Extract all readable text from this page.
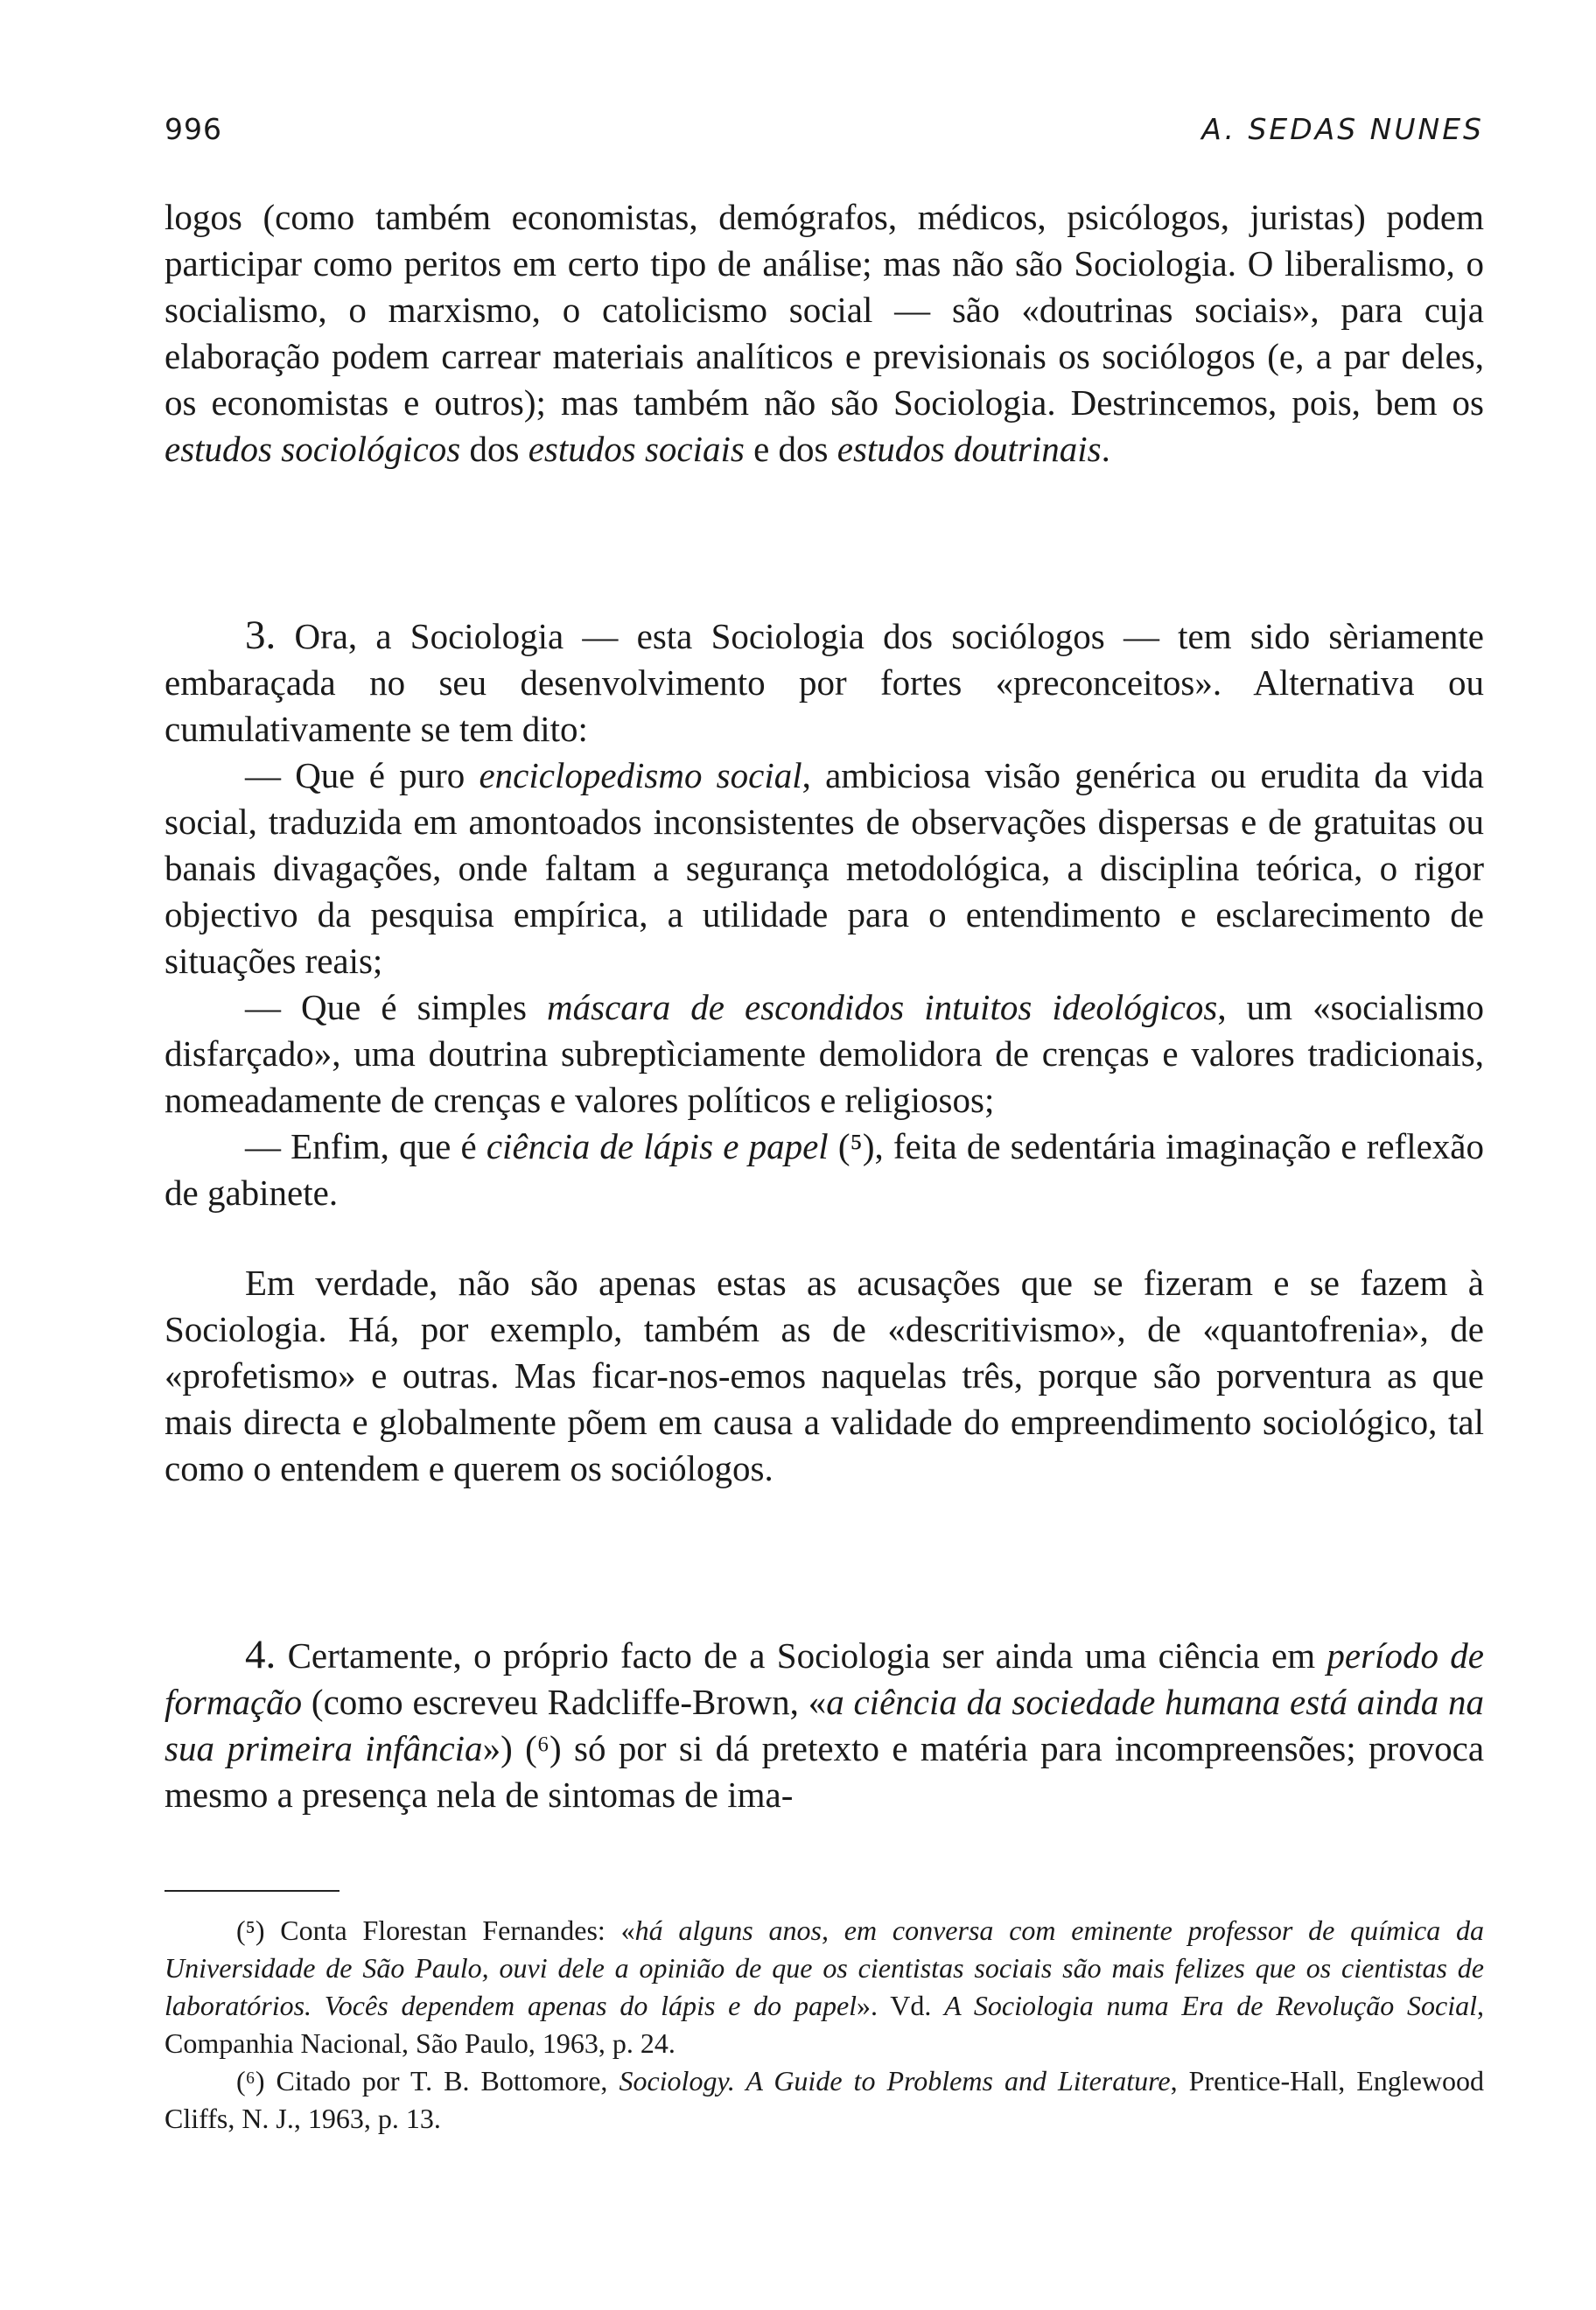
996	A. SEDAS NUNES

logos (como também economistas, demógrafos, médicos, psicólogos, juristas) podem participar como peritos em certo tipo de análise; mas não são Sociologia. O liberalismo, o socialismo, o marxismo, o catolicismo social — são «doutrinas sociais», para cuja elaboração podem carrear materiais analíticos e previsionais os sociólogos (e, a par deles, os economistas e outros); mas também não são Sociologia. Destrincemos, pois, bem os estudos sociológicos dos estudos sociais e dos estudos doutrinais.

3. Ora, a Sociologia — esta Sociologia dos sociólogos — tem sido sèriamente embaraçada no seu desenvolvimento por fortes «preconceitos». Alternativa ou cumulativamente se tem dito:

— Que é puro enciclopedismo social, ambiciosa visão genérica ou erudita da vida social, traduzida em amontoados inconsistentes de observações dispersas e de gratuitas ou banais divagações, onde faltam a segurança metodológica, a disciplina teórica, o rigor objectivo da pesquisa empírica, a utilidade para o entendimento e esclarecimento de situações reais;

— Que é simples máscara de escondidos intuitos ideológicos, um «socialismo disfarçado», uma doutrina subreptìciamente demolidora de crenças e valores tradicionais, nomeadamente de crenças e valores políticos e religiosos;

— Enfim, que é ciência de lápis e papel (⁵), feita de sedentária imaginação e reflexão de gabinete.

Em verdade, não são apenas estas as acusações que se fizeram e se fazem à Sociologia. Há, por exemplo, também as de «descritivismo», de «quantofrenia», de «profetismo» e outras. Mas ficar-nos-emos naquelas três, porque são porventura as que mais directa e globalmente põem em causa a validade do empreendimento sociológico, tal como o entendem e querem os sociólogos.

4. Certamente, o próprio facto de a Sociologia ser ainda uma ciência em período de formação (como escreveu Radcliffe-Brown, «a ciência da sociedade humana está ainda na sua primeira infância») (⁶) só por si dá pretexto e matéria para incompreensões; provoca mesmo a presença nela de sintomas de ima-

(⁵) Conta Florestan Fernandes: «há alguns anos, em conversa com eminente professor de química da Universidade de São Paulo, ouvi dele a opinião de que os cientistas sociais são mais felizes que os cientistas de laboratórios. Vocês dependem apenas do lápis e do papel». Vd. A Sociologia numa Era de Revolução Social, Companhia Nacional, São Paulo, 1963, p. 24.

(⁶) Citado por T. B. Bottomore, Sociology. A Guide to Problems and Literature, Prentice-Hall, Englewood Cliffs, N. J., 1963, p. 13.
